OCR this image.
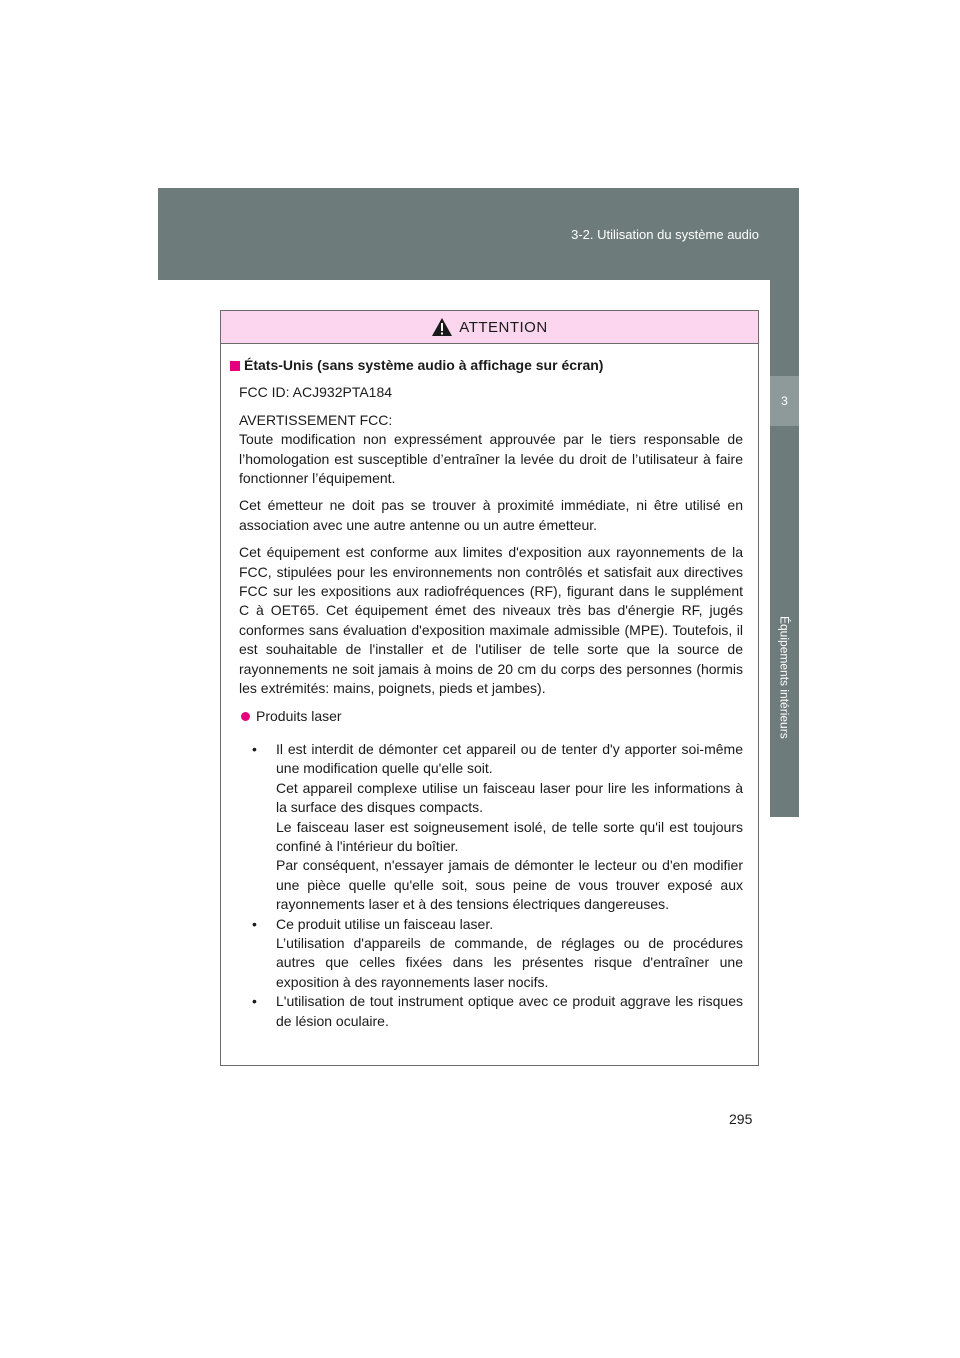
3-2. Utilisation du système audio
3
Équipements intérieurs
ATTENTION
États-Unis (sans système audio à affichage sur écran)

FCC ID: ACJ932PTA184

AVERTISSEMENT FCC:
Toute modification non expressément approuvée par le tiers responsable de l’homologation est susceptible d’entraîner la levée du droit de l’utilisateur à faire fonctionner l’équipement.

Cet émetteur ne doit pas se trouver à proximité immédiate, ni être utilisé en association avec une autre antenne ou un autre émetteur.

Cet équipement est conforme aux limites d'exposition aux rayonnements de la FCC, stipulées pour les environnements non contrôlés et satisfait aux directives FCC sur les expositions aux radiofréquences (RF), figurant dans le supplément C à OET65. Cet équipement émet des niveaux très bas d'énergie RF, jugés conformes sans évaluation d'exposition maximale admissible (MPE). Toutefois, il est souhaitable de l'installer et de l'utiliser de telle sorte que la source de rayonnements ne soit jamais à moins de 20 cm du corps des personnes (hormis les extrémités: mains, poignets, pieds et jambes).

Produits laser
• Il est interdit de démonter cet appareil ou de tenter d'y apporter soi-même une modification quelle qu'elle soit.
Cet appareil complexe utilise un faisceau laser pour lire les informations à la surface des disques compacts.
Le faisceau laser est soigneusement isolé, de telle sorte qu'il est toujours confiné à l'intérieur du boîtier.
Par conséquent, n'essayer jamais de démonter le lecteur ou d'en modifier une pièce quelle qu'elle soit, sous peine de vous trouver exposé aux rayonnements laser et à des tensions électriques dangereuses.
• Ce produit utilise un faisceau laser.
L’utilisation d'appareils de commande, de réglages ou de procédures autres que celles fixées dans les présentes risque d'entraîner une exposition à des rayonnements laser nocifs.
• L'utilisation de tout instrument optique avec ce produit aggrave les risques de lésion oculaire.
295
